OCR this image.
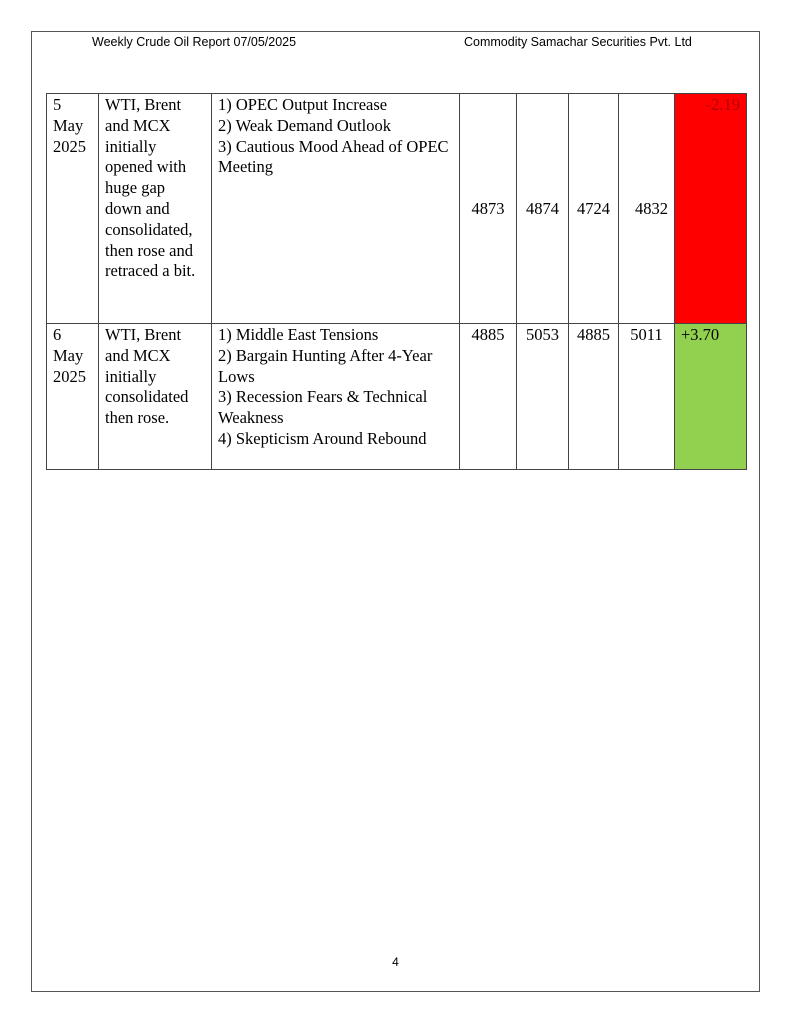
Weekly Crude Oil Report 07/05/2025	Commodity Samachar Securities Pvt. Ltd
5
May
2025	WTI, Brent and MCX initially opened with huge gap down and consolidated, then rose and retraced a bit.	1) OPEC Output Increase
2) Weak Demand Outlook
3) Cautious Mood Ahead of OPEC Meeting	4873	4874	4724	4832	-2.19

6
May
2025	WTI, Brent and MCX initially consolidated then rose.	1) Middle East Tensions
2) Bargain Hunting After 4-Year Lows
3) Recession Fears & Technical Weakness
4) Skepticism Around Rebound	4885	5053	4885	5011	+3.70
4
